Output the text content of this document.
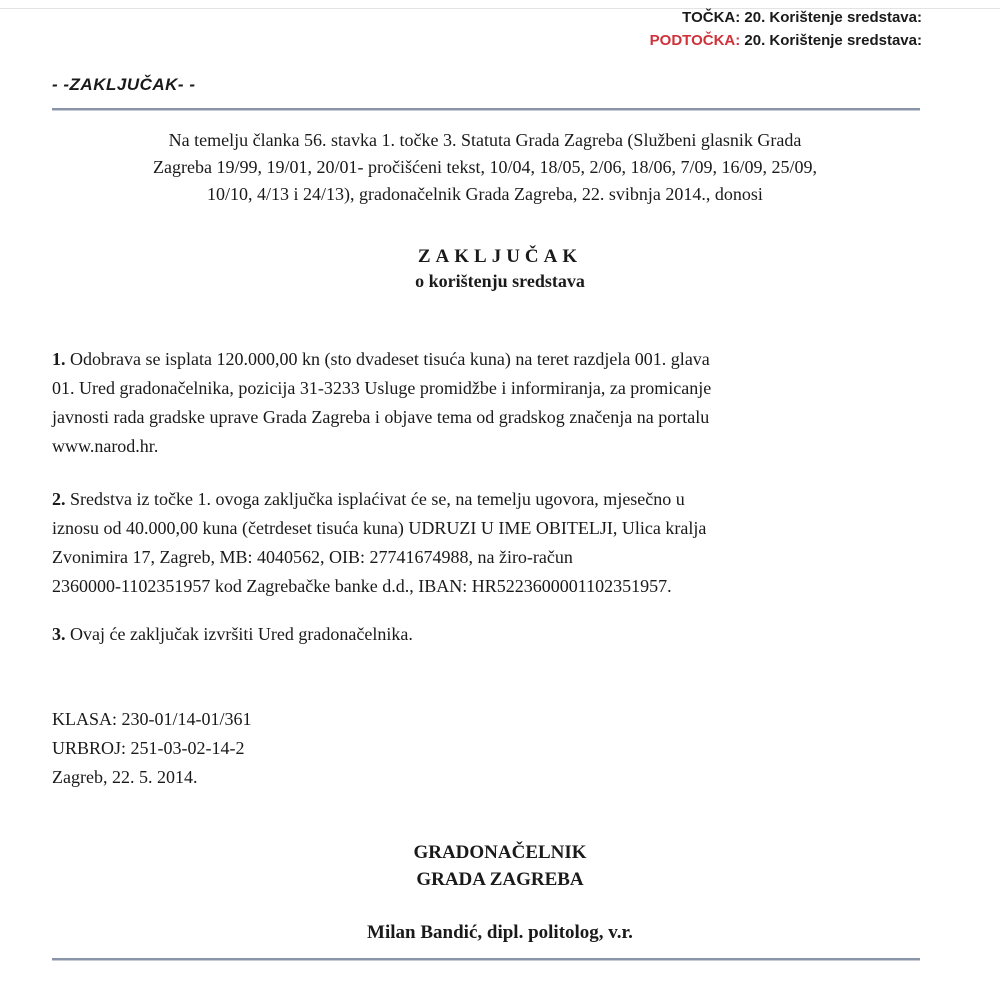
TOČKA: 20. Korištenje sredstava:
PODTOČKA: 20. Korištenje sredstava:
- -ZAKLJUČAK- -
Na temelju članka 56. stavka 1. točke 3. Statuta Grada Zagreba (Službeni glasnik Grada
Zagreba 19/99, 19/01, 20/01- pročišćeni tekst, 10/04, 18/05, 2/06, 18/06, 7/09, 16/09, 25/09,
10/10, 4/13 i 24/13), gradonačelnik Grada Zagreba, 22. svibnja 2014., donosi
ZAKLJUČAK
o korištenju sredstava
1. Odobrava se isplata 120.000,00 kn (sto dvadeset tisuća kuna) na teret razdjela 001. glava
01. Ured gradonačelnika, pozicija 31-3233 Usluge promidžbe i informiranja, za promicanje
javnosti rada gradske uprave Grada Zagreba i objave tema od gradskog značenja na portalu
www.narod.hr.
2. Sredstva iz točke 1. ovoga zaključka isplaćivat će se, na temelju ugovora, mjesečno u
iznosu od 40.000,00 kuna (četrdeset tisuća kuna) UDRUZI U IME OBITELJI, Ulica kralja
Zvonimira 17, Zagreb, MB: 4040562, OIB: 27741674988, na žiro-račun
2360000-1102351957 kod Zagrebačke banke d.d., IBAN: HR5223600001102351957.
3. Ovaj će zaključak izvršiti Ured gradonačelnika.
KLASA: 230-01/14-01/361
URBROJ: 251-03-02-14-2
Zagreb, 22. 5. 2014.
GRADONAČELNIK
GRADA ZAGREBA
Milan Bandić, dipl. politolog, v.r.
